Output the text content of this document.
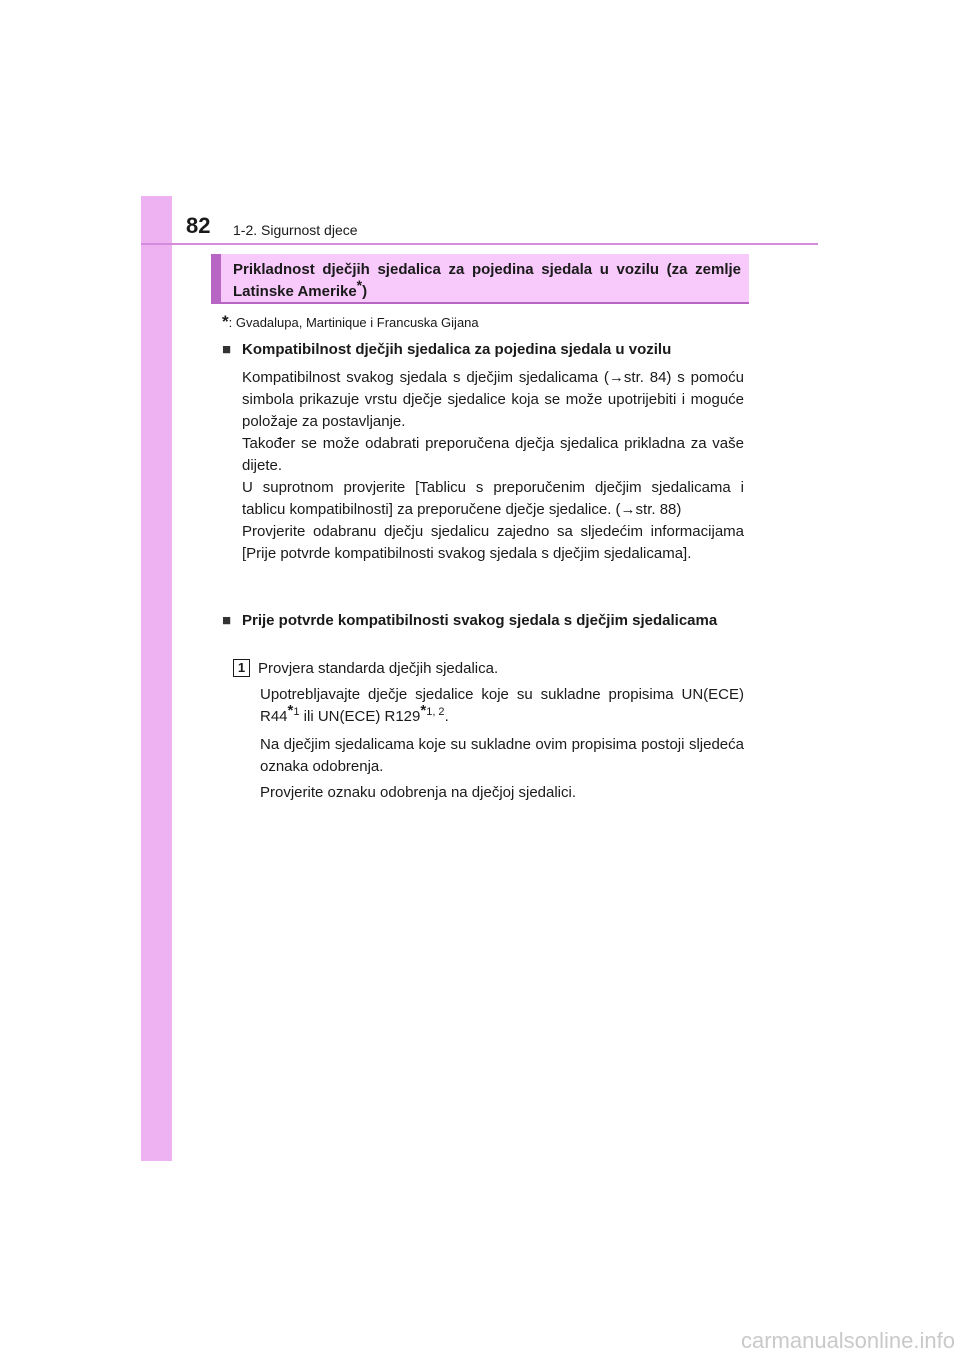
82 1-2. Sigurnost djece

Prikladnost dječjih sjedalica za pojedina sjedala u vozilu (za zemlje Latinske Amerike*)

*: Gvadalupa, Martinique i Francuska Gijana
■ Kompatibilnost dječjih sjedalica za pojedina sjedala u vozilu

Kompatibilnost svakog sjedala s dječjim sjedalicama (→str. 84) s pomoću simbola prikazuje vrstu dječje sjedalice koja se može upotrijebiti i moguće položaje za postavljanje.

Također se može odabrati preporučena dječja sjedalica prikladna za vaše dijete.

U suprotnom provjerite [Tablicu s preporučenim dječjim sjedalicama i tablicu kompatibilnosti] za preporučene dječje sjedalice. (→str. 88)

Provjerite odabranu dječju sjedalicu zajedno sa sljedećim informacijama [Prije potvrde kompatibilnosti svakog sjedala s dječjim sjedalicama].

■ Prije potvrde kompatibilnosti svakog sjedala s dječjim sjedalicama
1 Provjera standarda dječjih sjedalica.

Upotrebljavajte dječje sjedalice koje su sukladne propisima UN(ECE) R44$^{*1}$ ili UN(ECE) R129$^{*1, 2}$.

Na dječjim sjedalicama koje su sukladne ovim propisima postoji sljedeća oznaka odobrenja.

Provjerite oznaku odobrenja na dječjoj sjedalici.

carmanualsonline.info
